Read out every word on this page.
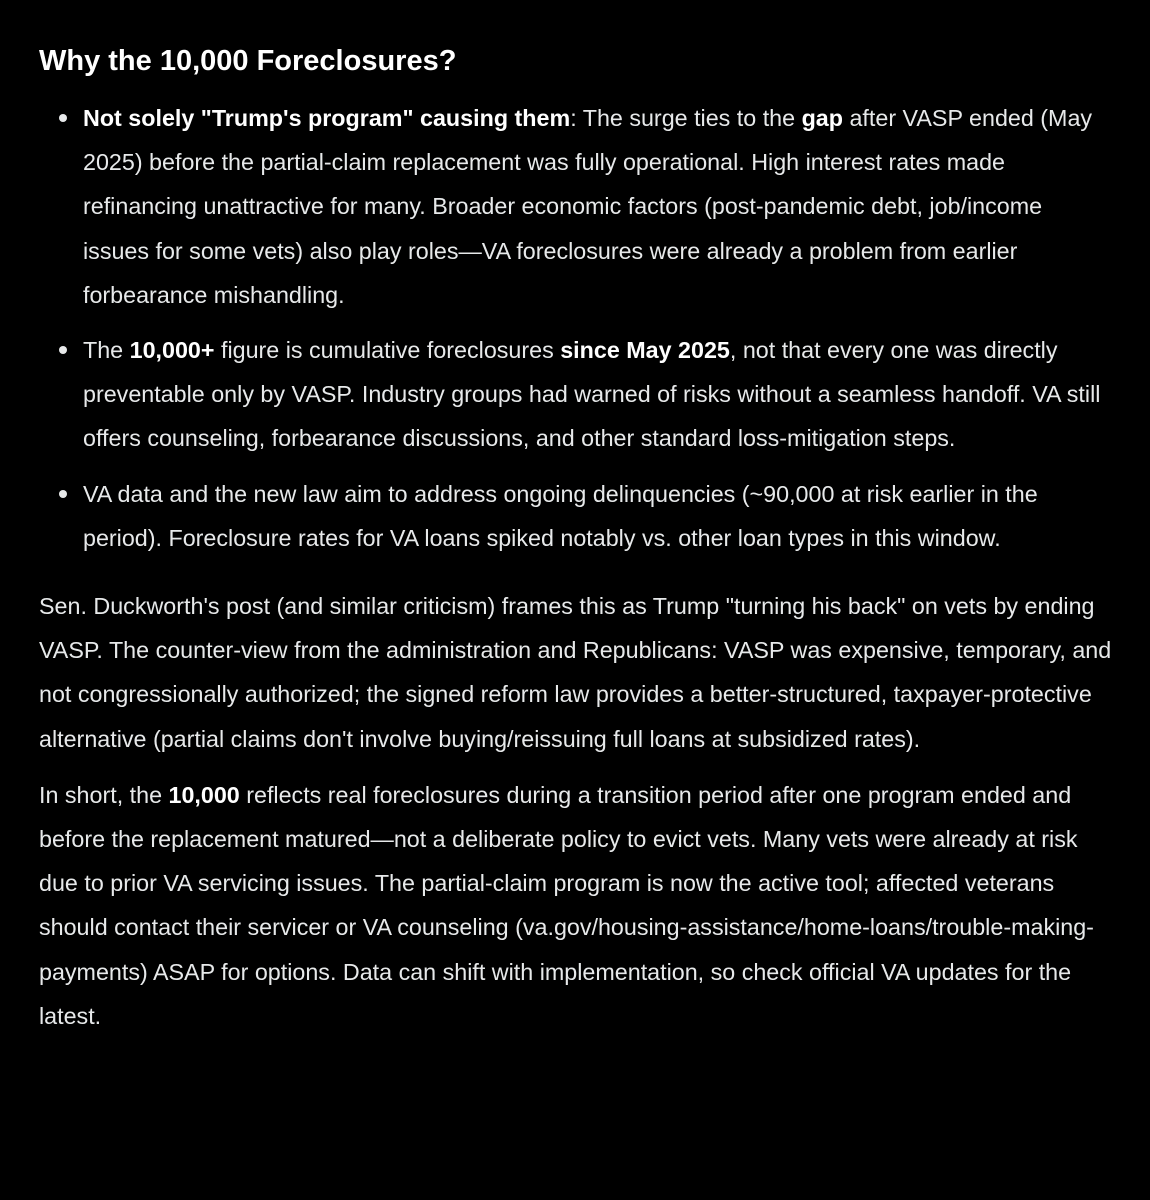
Why the 10,000 Foreclosures?
Not solely "Trump's program" causing them: The surge ties to the gap after VASP ended (May 2025) before the partial-claim replacement was fully operational. High interest rates made refinancing unattractive for many. Broader economic factors (post-pandemic debt, job/income issues for some vets) also play roles—VA foreclosures were already a problem from earlier forbearance mishandling.
The 10,000+ figure is cumulative foreclosures since May 2025, not that every one was directly preventable only by VASP. Industry groups had warned of risks without a seamless handoff. VA still offers counseling, forbearance discussions, and other standard loss-mitigation steps.
VA data and the new law aim to address ongoing delinquencies (~90,000 at risk earlier in the period). Foreclosure rates for VA loans spiked notably vs. other loan types in this window.

Sen. Duckworth's post (and similar criticism) frames this as Trump "turning his back" on vets by ending VASP. The counter-view from the administration and Republicans: VASP was expensive, temporary, and not congressionally authorized; the signed reform law provides a better-structured, taxpayer-protective alternative (partial claims don't involve buying/reissuing full loans at subsidized rates).

In short, the 10,000 reflects real foreclosures during a transition period after one program ended and before the replacement matured—not a deliberate policy to evict vets. Many vets were already at risk due to prior VA servicing issues. The partial-claim program is now the active tool; affected veterans should contact their servicer or VA counseling (va.gov/housing-assistance/home-loans/trouble-making-payments) ASAP for options. Data can shift with implementation, so check official VA updates for the latest.
